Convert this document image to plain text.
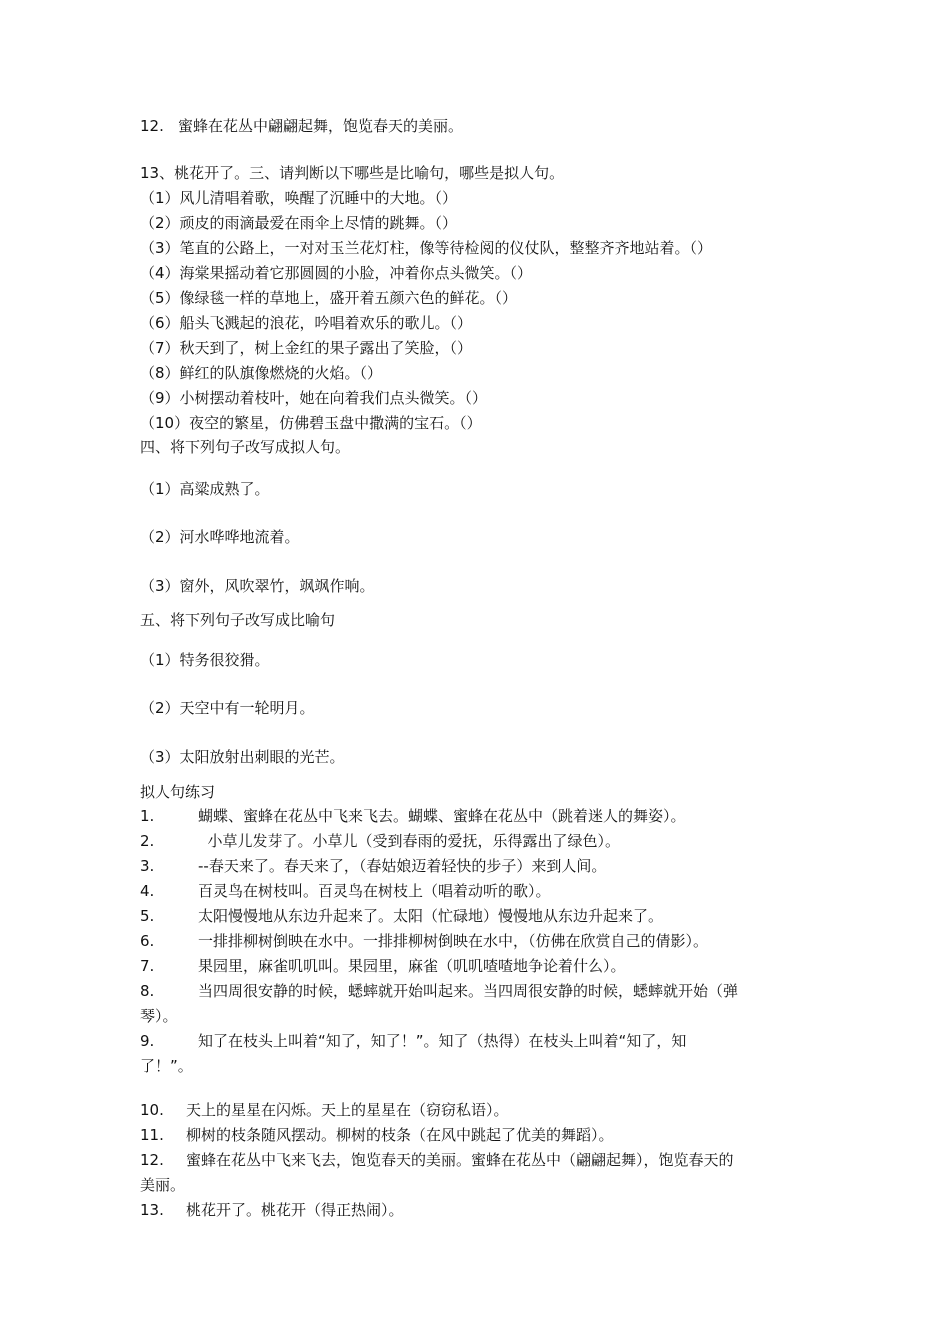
12. 蜜蜂在花丛中翩翩起舞，饱览春天的美丽。
13、桃花开了。三、请判断以下哪些是比喻句，哪些是拟人句。
（1）风儿清唱着歌，唤醒了沉睡中的大地。（）
（2）顽皮的雨滴最爱在雨伞上尽情的跳舞。（）
（3）笔直的公路上，一对对玉兰花灯柱，像等待检阅的仪仗队，整整齐齐地站着。（）
（4）海棠果摇动着它那圆圆的小脸，冲着你点头微笑。（）
（5）像绿毯一样的草地上，盛开着五颜六色的鲜花。（）
（6）船头飞溅起的浪花，吟唱着欢乐的歌儿。（）
（7）秋天到了，树上金红的果子露出了笑脸，（）
（8）鲜红的队旗像燃烧的火焰。（）
（9）小树摆动着枝叶，她在向着我们点头微笑。（）
（10）夜空的繁星，仿佛碧玉盘中撒满的宝石。（）
四、将下列句子改写成拟人句。
（1）高粱成熟了。
（2）河水哗哗地流着。
（3）窗外，风吹翠竹，飒飒作响。
五、将下列句子改写成比喻句
（1）特务很狡猾。
（2）天空中有一轮明月。
（3）太阳放射出刺眼的光芒。
拟人句练习
1.	蝴蝶、蜜蜂在花丛中飞来飞去。蝴蝶、蜜蜂在花丛中（跳着迷人的舞姿）。
2.	小草儿发芽了。小草儿（受到春雨的爱抚，乐得露出了绿色）。
3.	--春天来了。春天来了，（春姑娘迈着轻快的步子）来到人间。
4.	百灵鸟在树枝叫。百灵鸟在树枝上（唱着动听的歌）。
5.	太阳慢慢地从东边升起来了。太阳（忙碌地）慢慢地从东边升起来了。
6.	一排排柳树倒映在水中。一排排柳树倒映在水中，（仿佛在欣赏自己的倩影）。
7.	果园里，麻雀叽叽叫。果园里，麻雀（叽叽喳喳地争论着什么）。
8.	当四周很安静的时候，蟋蟀就开始叫起来。当四周很安静的时候，蟋蟀就开始（弹
琴）。
9.	知了在枝头上叫着“知了，知了！”。知了（热得）在枝头上叫着“知了，知
了！”。
10. 天上的星星在闪烁。天上的星星在（窃窃私语）。
11. 柳树的枝条随风摆动。柳树的枝条（在风中跳起了优美的舞蹈）。
12. 蜜蜂在花丛中飞来飞去，饱览春天的美丽。蜜蜂在花丛中（翩翩起舞），饱览春天的
美丽。
13. 桃花开了。桃花开（得正热闹）。
